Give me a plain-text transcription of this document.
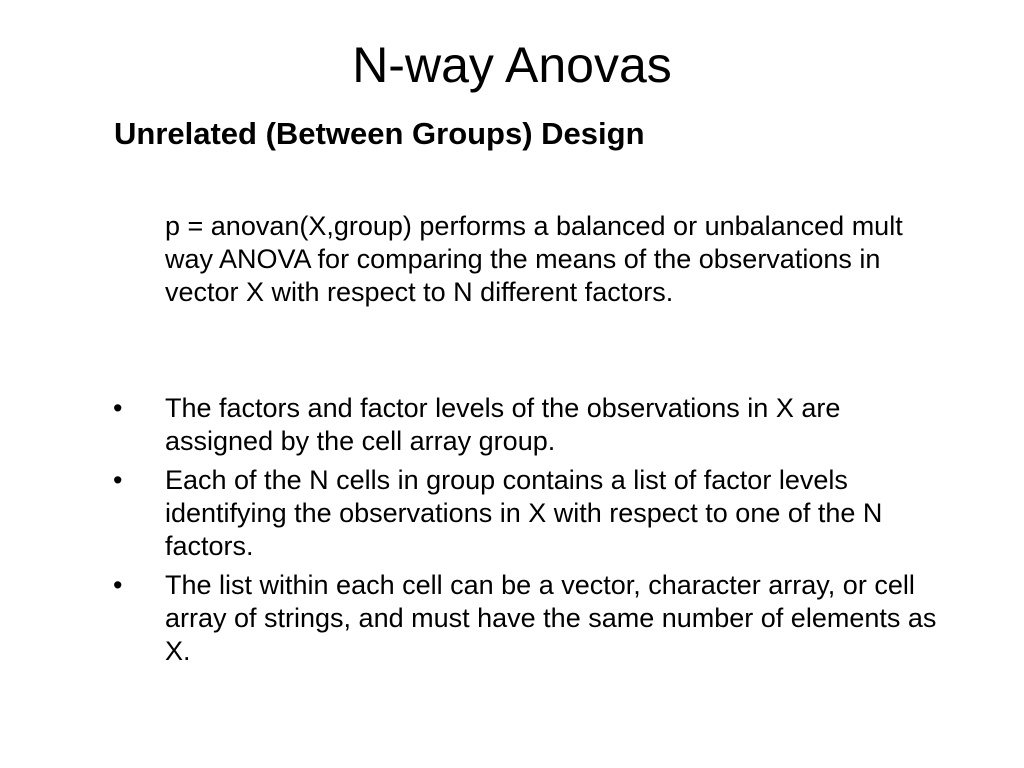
N-way Anovas
Unrelated (Between Groups) Design

p = anovan(X,group) performs a balanced or unbalanced mult way ANOVA for comparing the means of the observations in vector X with respect to N different factors.

• The factors and factor levels of the observations in X are assigned by the cell array group.
• Each of the N cells in group contains a list of factor levels identifying the observations in X with respect to one of the N factors.
• The list within each cell can be a vector, character array, or cell array of strings, and must have the same number of elements as X.
